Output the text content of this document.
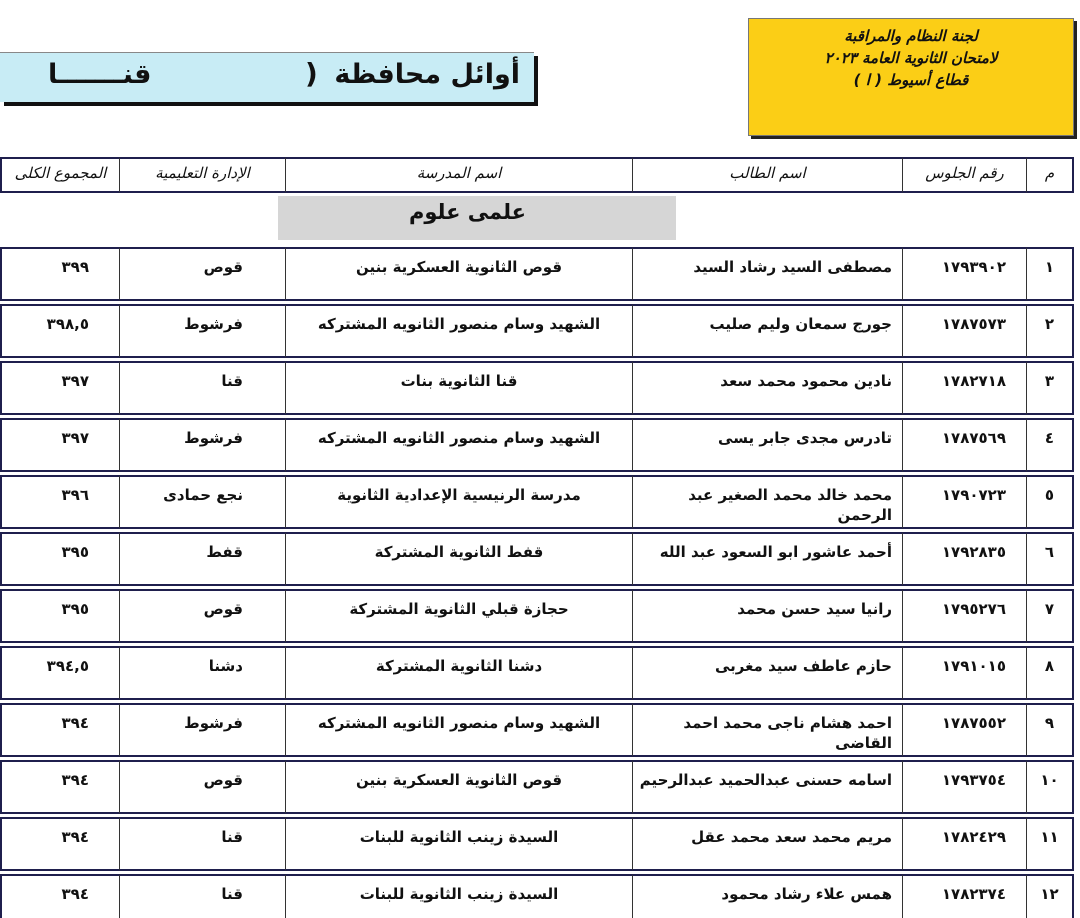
لجنة النظام والمراقبة
لامتحان الثانوية العامة ٢٠٢٣
قطاع أسيوط ( ا )
أوائل محافظة
(
قنـــــــا
م	رقم الجلوس	اسم الطالب	اسم المدرسة	الإدارة التعليمية	المجموع الكلى

علمى علوم					

١	١٧٩٣٩٠٢	مصطفى السيد رشاد السيد	قوص الثانوية العسكرية بنين	قوص	٣٩٩
٢	١٧٨٧٥٧٣	جورج سمعان وليم صليب	الشهيد وسام منصور الثانويه المشتركه	فرشوط	٣٩٨,٥
٣	١٧٨٢٧١٨	نادين محمود محمد سعد	قنا الثانوية بنات	قنا	٣٩٧
٤	١٧٨٧٥٦٩	تادرس مجدى جابر يسى	الشهيد وسام منصور الثانويه المشتركه	فرشوط	٣٩٧
٥	١٧٩٠٧٢٣	محمد خالد محمد الصغير عبد الرحمن	مدرسة الرنيسية الإعدادية الثانوية	نجع حمادى	٣٩٦
٦	١٧٩٢٨٣٥	أحمد عاشور ابو السعود عبد الله	قفط الثانوية المشتركة	قفط	٣٩٥
٧	١٧٩٥٢٧٦	رانيا سيد حسن محمد	حجازة قبلي الثانوية المشتركة	قوص	٣٩٥
٨	١٧٩١٠١٥	حازم عاطف سيد مغربى	دشنا الثانوية المشتركة	دشنا	٣٩٤,٥
٩	١٧٨٧٥٥٢	احمد هشام ناجى محمد احمد القاضى	الشهيد وسام منصور الثانويه المشتركه	فرشوط	٣٩٤
١٠	١٧٩٣٧٥٤	اسامه حسنى عبدالحميد عبدالرحيم	قوص الثانوية العسكرية بنين	قوص	٣٩٤
١١	١٧٨٢٤٢٩	مريم محمد سعد محمد عقل	السيدة زينب الثانوية للبنات	قنا	٣٩٤
١٢	١٧٨٢٣٧٤	همس علاء رشاد محمود	السيدة زينب الثانوية للبنات	قنا	٣٩٤
